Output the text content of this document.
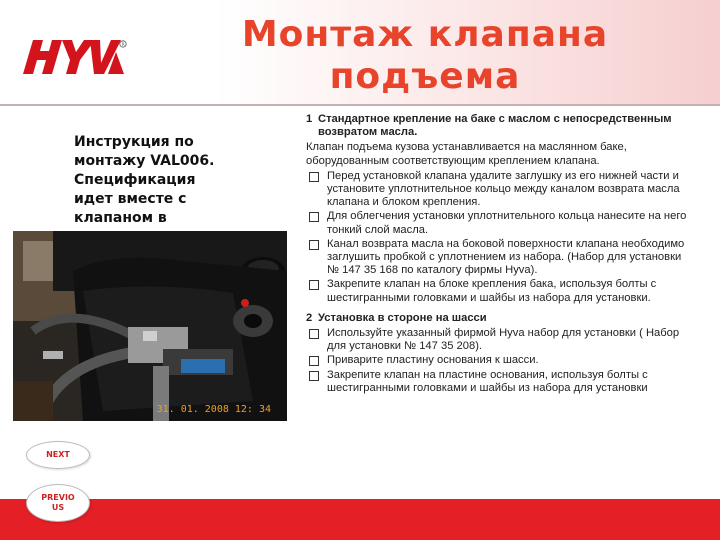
R	Монтаж клапана
подъема
Инструкция по
монтажу VAL006.
Спецификация
идет вместе с
клапаном в
31. 01. 2008 12: 34
1 Стандартное крепление на баке с маслом с непосредственным возвратом масла.
Клапан подъема кузова устанавливается на маслянном баке, оборудованным соответствующим креплением клапана.
Перед установкой клапана удалите заглушку из его нижней части и установите уплотнительное кольцо между каналом возврата масла клапана и блоком крепления.
Для облегчения установки уплотнительного кольца нанесите на него тонкий слой масла.
Канал возврата масла на боковой поверхности клапана необходимо заглушить пробкой с уплотнением из набора. (Набор для установки № 147 35 168 по каталогу фирмы Hyva).
Закрепите клапан на блоке крепления бака, используя болты с шестигранными головками и шайбы из набора для установки.
2 Установка в стороне на шасси
Используйте указанный фирмой Hyva набор для установки ( Набор для установки № 147 35 208).
Приварите пластину основания к шасси.
Закрепите клапан на пластине основания, используя болты с шестигранными головками и шайбы из набора для установки
NEXT
PREVIO
US
